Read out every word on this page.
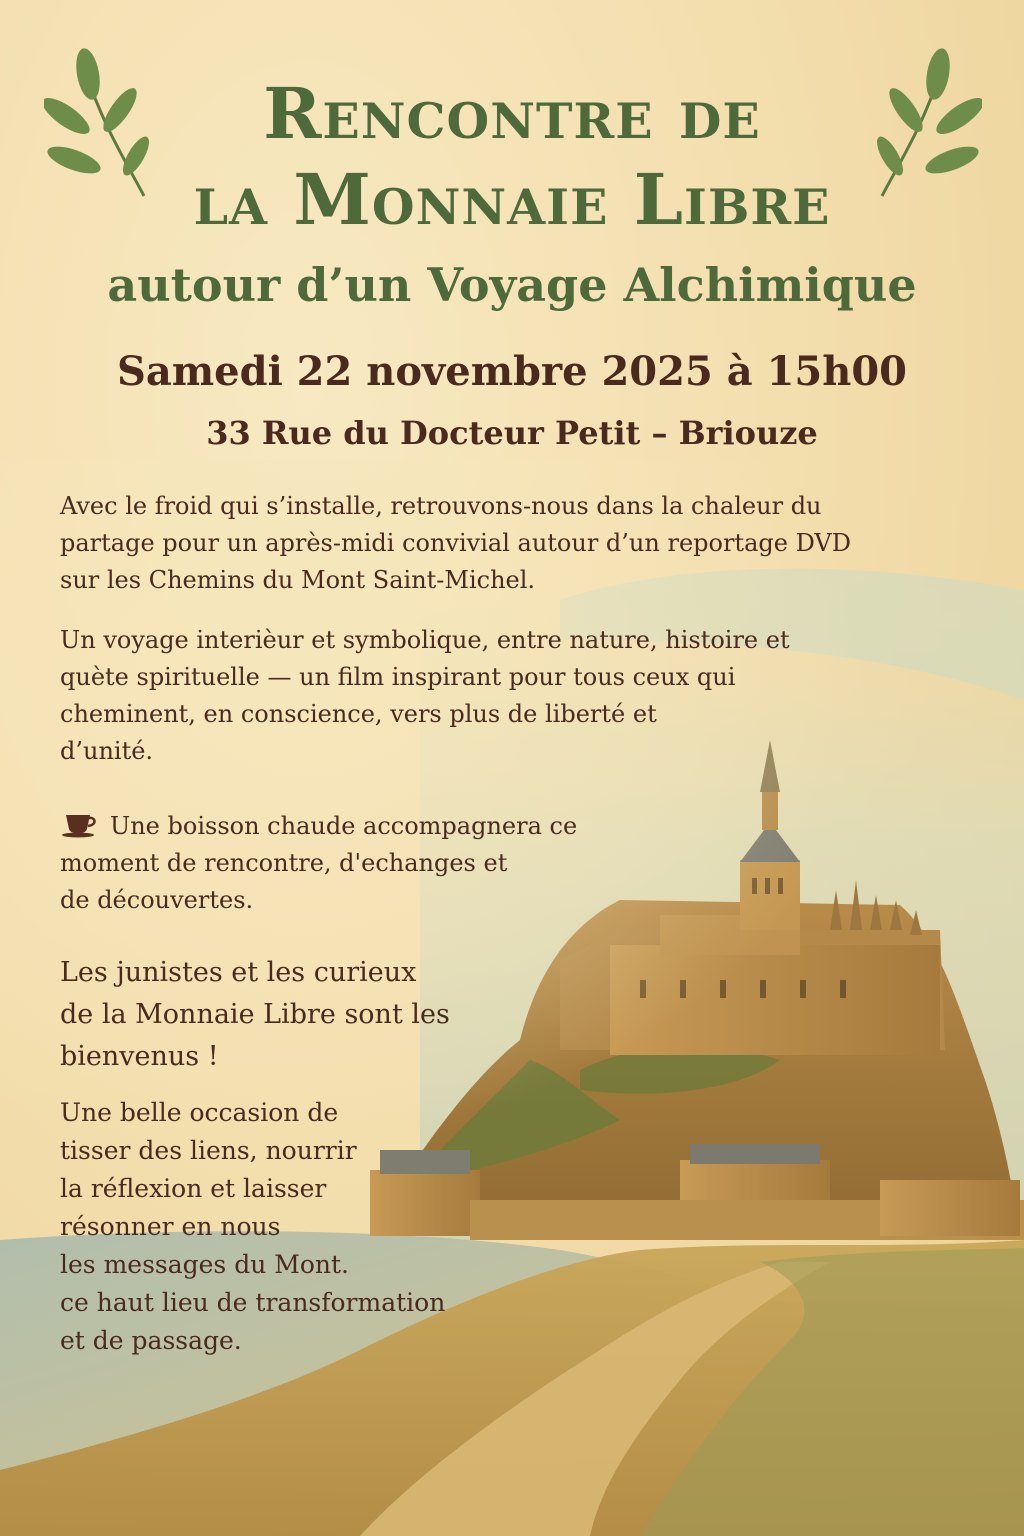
Rencontre de
la Monnaie Libre
autour d’un Voyage Alchimique

Samedi 22 novembre 2025 à 15h00

33 Rue du Docteur Petit – Briouze

Avec le froid qui s’installe, retrouvons-nous dans la chaleur du
partage pour un après-midi convivial autour d’un reportage DVD
sur les Chemins du Mont Saint-Michel.

Un voyage interièur et symbolique, entre nature, histoire et
quète spirituelle — un film inspirant pour tous ceux qui
cheminent, en conscience, vers plus de liberté et
d’unité.

Une boisson chaude accompagnera ce
moment de rencontre, d'echanges et
de découvertes.

Les junistes et les curieux
de la Monnaie Libre sont les
bienvenus !

Une belle occasion de
tisser des liens, nourrir
la réflexion et laisser
résonner en nous
les messages du Mont.
ce haut lieu de transformation
et de passage.
